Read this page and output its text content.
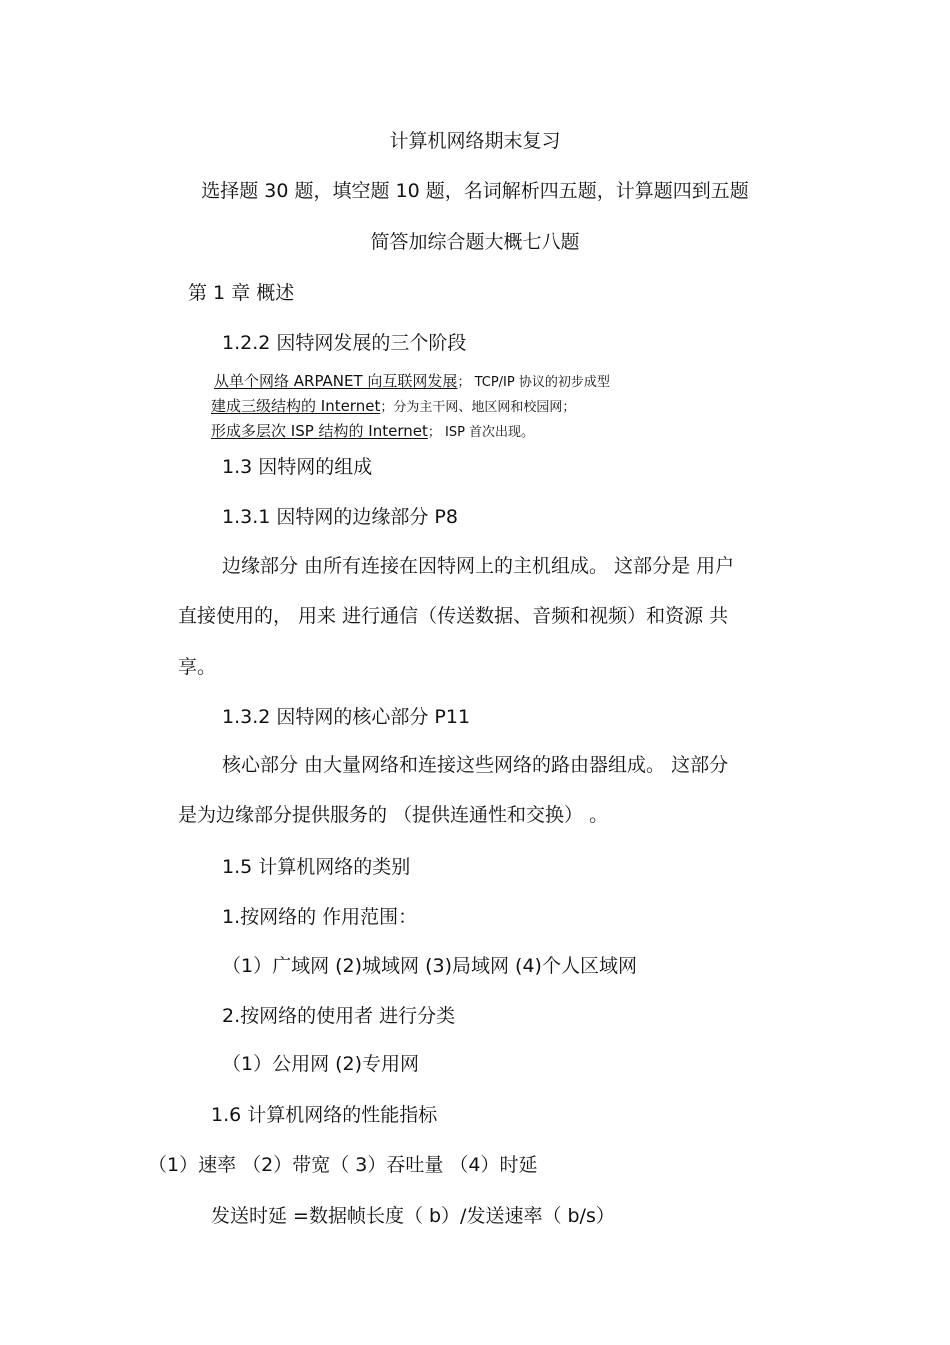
计算机网络期末复习
选择题 30 题，填空题 10 题，名词解析四五题，计算题四到五题
简答加综合题大概七八题
第 1 章 概述
1.2.2 因特网发展的三个阶段
从单个网络 ARPANET 向互联网发展； TCP/IP 协议的初步成型
建成三级结构的 Internet；分为主干网、地区网和校园网；
形成多层次 ISP 结构的 Internet； ISP 首次出现。
1.3 因特网的组成
1.3.1 因特网的边缘部分 P8
边缘部分 由所有连接在因特网上的主机组成。 这部分是 用户
直接使用的， 用来 进行通信（传送数据、音频和视频）和资源 共
享。
1.3.2 因特网的核心部分 P11
核心部分 由大量网络和连接这些网络的路由器组成。 这部分
是为边缘部分提供服务的 （提供连通性和交换） 。
1.5 计算机网络的类别
1.按网络的 作用范围：
（1）广域网 (2)城域网 (3)局域网 (4)个人区域网
2.按网络的使用者 进行分类
（1）公用网 (2)专用网
1.6 计算机网络的性能指标
（1）速率 （2）带宽（ 3）吞吐量 （4）时延
发送时延 =数据帧长度（ b）/发送速率（ b/s）
